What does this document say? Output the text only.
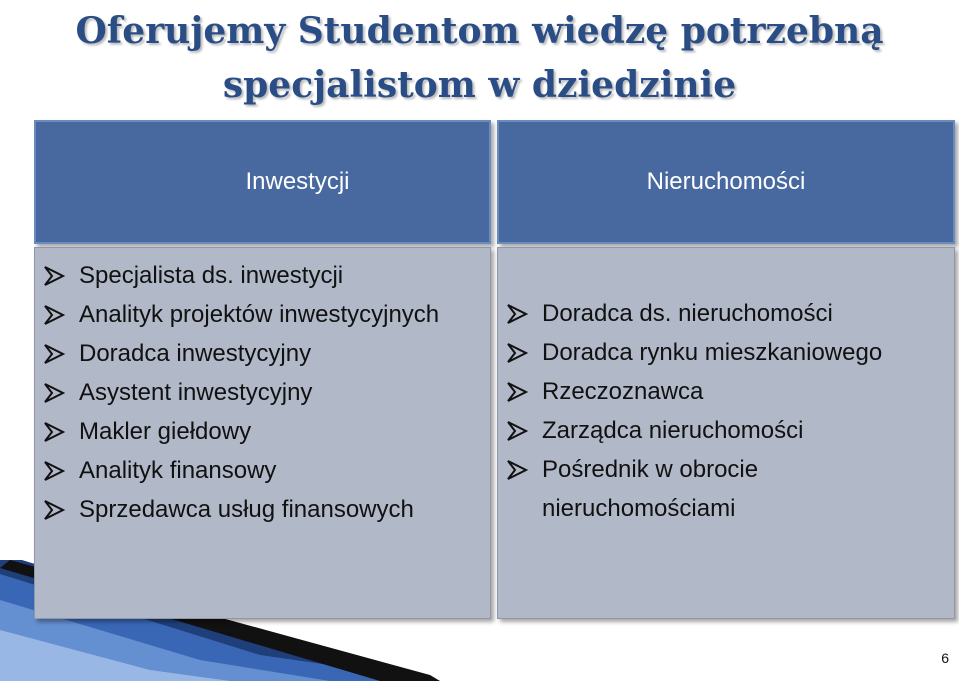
Oferujemy Studentom wiedzę potrzebną
specjalistom w dziedzinie
Inwestycji	Nieruchomości
Specjalista ds. inwestycji
Analityk projektów inwestycyjnych
Doradca inwestycyjny
Asystent inwestycyjny
Makler giełdowy
Analityk finansowy
Sprzedawca usług finansowych
Doradca ds. nieruchomości
Doradca rynku mieszkaniowego
Rzeczoznawca
Zarządca nieruchomości
Pośrednik w obrocie nieruchomościami
6
